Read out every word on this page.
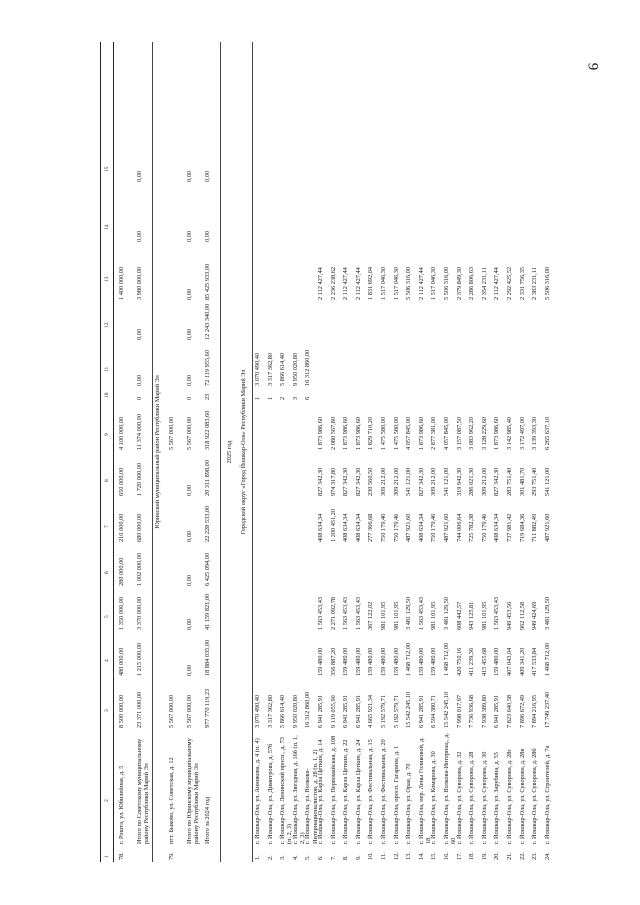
9
1
2
3
4
5
6
7
8
9
10
11
12
13
14
15
78.
г. Рошта, ул. Юбилейная, д. 5
8 500 000,00
480 000,00
1 350 000,00
280 000,00
210 000,00
650 000,00
4 100 000,00
1 400 000,00
Итого по Советскому муниципальному району Республики Марий Эл
23 371 000,00
1 215 000,00
3 370 000,00
1 002 000,00
680 000,00
1 720 000,00
11 374 000,00
0
0,00
0,00
3 980 000,00
0,00
0,00
Юринский муниципальный район Республики Марий Эл
79.
пгт. Быково, ул. Советская, д. 12
5 567 000,00
5 567 000,00
Итого по Юринскому муниципальному району Республики Марий Эл
5 567 000,00
0,00
0,00
0,00
0,00
0,00
5 567 000,00
0
0,00
0,00
0,00
0,00
0,00
Итого за 2024 год
977 770 119,23
18 884 035,00
41 159 821,00
6 425 094,00
22 228 533,00
20 311 898,00
318 922 083,60
23
72 119 955,60
12 243 340,00
85 425 933,00
0,00
0,00
2025 год Городской округ «Город Йошкар-Ола» Республики Марий Эл
1.
г. Йошкар-Ола, ул. Анникова, д. 4 (п. 4)
3 070 490,40
1
3 070 490,40
2.
г. Йошкар-Ола, ул. Димитрова, д. 57б
3 317 362,80
1
3 317 362,80
3.
г. Йошкар-Ола, Ленинский просп., д. 73 (п. 2, 3)
5 866 614,40
2
5 866 614,40
4.
г. Йошкар-Ола, ул. Звездная, д. 16б (п. 1, 2, 3)
9 950 020,80
3
9 950 020,80
5.
г. Йошкар-Ола, ул. Волкова-Интернационалистов, д. 28 (п. 1, 2)
16 312 860,00
6
16 312 860,00
6.
г. Йошкар-Ола, ул. Карла Цеткин, д. 14
6 941 285,91
159 480,00
1 563 453,43
408 634,34
827 342,30
1 873 986,60
2 112 427,44
7.
г. Йошкар-Ола, ул. Первомайская, д. 108
9 119 055,90
356 887,20
2 271 092,78
1 200 451,20
974 317,80
2 080 567,80
2 236 238,62
8.
г. Йошкар-Ола, ул. Карла Цеткин, д. 22
6 941 285,91
159 480,00
1 563 453,43
408 634,34
827 342,30
1 873 986,60
2 112 427,44
9.
г. Йошкар-Ола, ул. Карла Цеткин, д. 24
6 941 285,91
159 480,00
1 563 453,43
408 634,34
827 342,30
1 873 986,60
2 112 427,44
10.
г. Йошкар-Ола, ул. Фестивальная, д. 15
4 665 921,34
159 480,00
367 122,02
277 366,68
230 560,50
1 829 710,20
1 831 692,04
11.
г. Йошкар-Ола, ул. Фестивальная, д. 20
5 192 579,71
159 480,00
981 101,95
750 179,46
309 212,00
1 475 580,00
1 517 046,30
12.
г. Йошкар-Ола, просп. Гагарина, д. 1
5 192 579,71
159 480,00
981 101,95
750 179,46
309 212,00
1 475 580,00
1 517 046,30
13.
г. Йошкар-Ола, ул. Орая, д. 70
15 542 245,10
1 468 712,00
3 481 129,50
487 921,60
541 121,00
4 057 845,00
5 506 316,00
14.
г. Йошкар-Ола, пер. Лены Голиковой, д. 18
6 941 285,91
159 480,00
1 563 453,43
408 634,34
827 342,30
1 873 986,60
2 112 427,44
15.
г. Йошкар-Ола, ул. Комарова, д. 30
6 594 380,71
159 480,00
981 101,95
750 179,46
309 212,00
2 877 381,00
1 517 046,30
16.
г. Йошкар-Ола, ул. Волкова-Интернац., д. 60
15 542 245,10
1 468 712,00
3 481 129,50
487 921,60
541 121,00
4 057 845,00
5 506 316,00
17.
г. Йошкар-Ола, ул. Суворова, д. 32
7 998 017,97
420 750,16
608 442,57
744 006,64
319 942,30
3 157 087,50
2 379 849,30
18.
г. Йошкар-Ола, ул. Суворова, д. 28
7 736 936,68
411 239,36
943 125,81
725 782,38
286 021,30
3 083 962,20
2 286 806,63
19.
г. Йошкар-Ола, ул. Суворова, д. 30
7 938 389,80
415 455,68
981 101,95
750 179,46
309 212,00
3 128 229,60
2 354 231,11
20.
г. Йошкар-Ола, ул. Зарубина, д. 55
6 941 285,91
159 480,00
1 563 453,43
408 634,34
827 342,30
1 873 986,60
2 112 427,44
21.
г. Йошкар-Ола, ул. Суворова, д. 28г
7 823 640,58
407 043,04
949 453,56
737 981,42
283 751,40
3 142 985,40
2 292 425,52
22.
г. Йошкар-Ола, ул. Суворова, д. 28в
7 896 672,49
409 341,20
962 112,58
719 684,36
301 481,70
3 172 497,00
2 331 756,35
23.
г. Йошкар-Ола, ул. Суворова, д. 28б
7 894 216,95
417 533,84
949 424,69
711 882,49
293 751,40
3 139 393,30
2 383 231,11
24.
г. Йошкар-Ола, ул. Строителей, д. 7а
17 749 237,40
1 468 712,00
3 481 129,50
487 921,60
541 121,00
6 265 637,10
5 506 316,00
